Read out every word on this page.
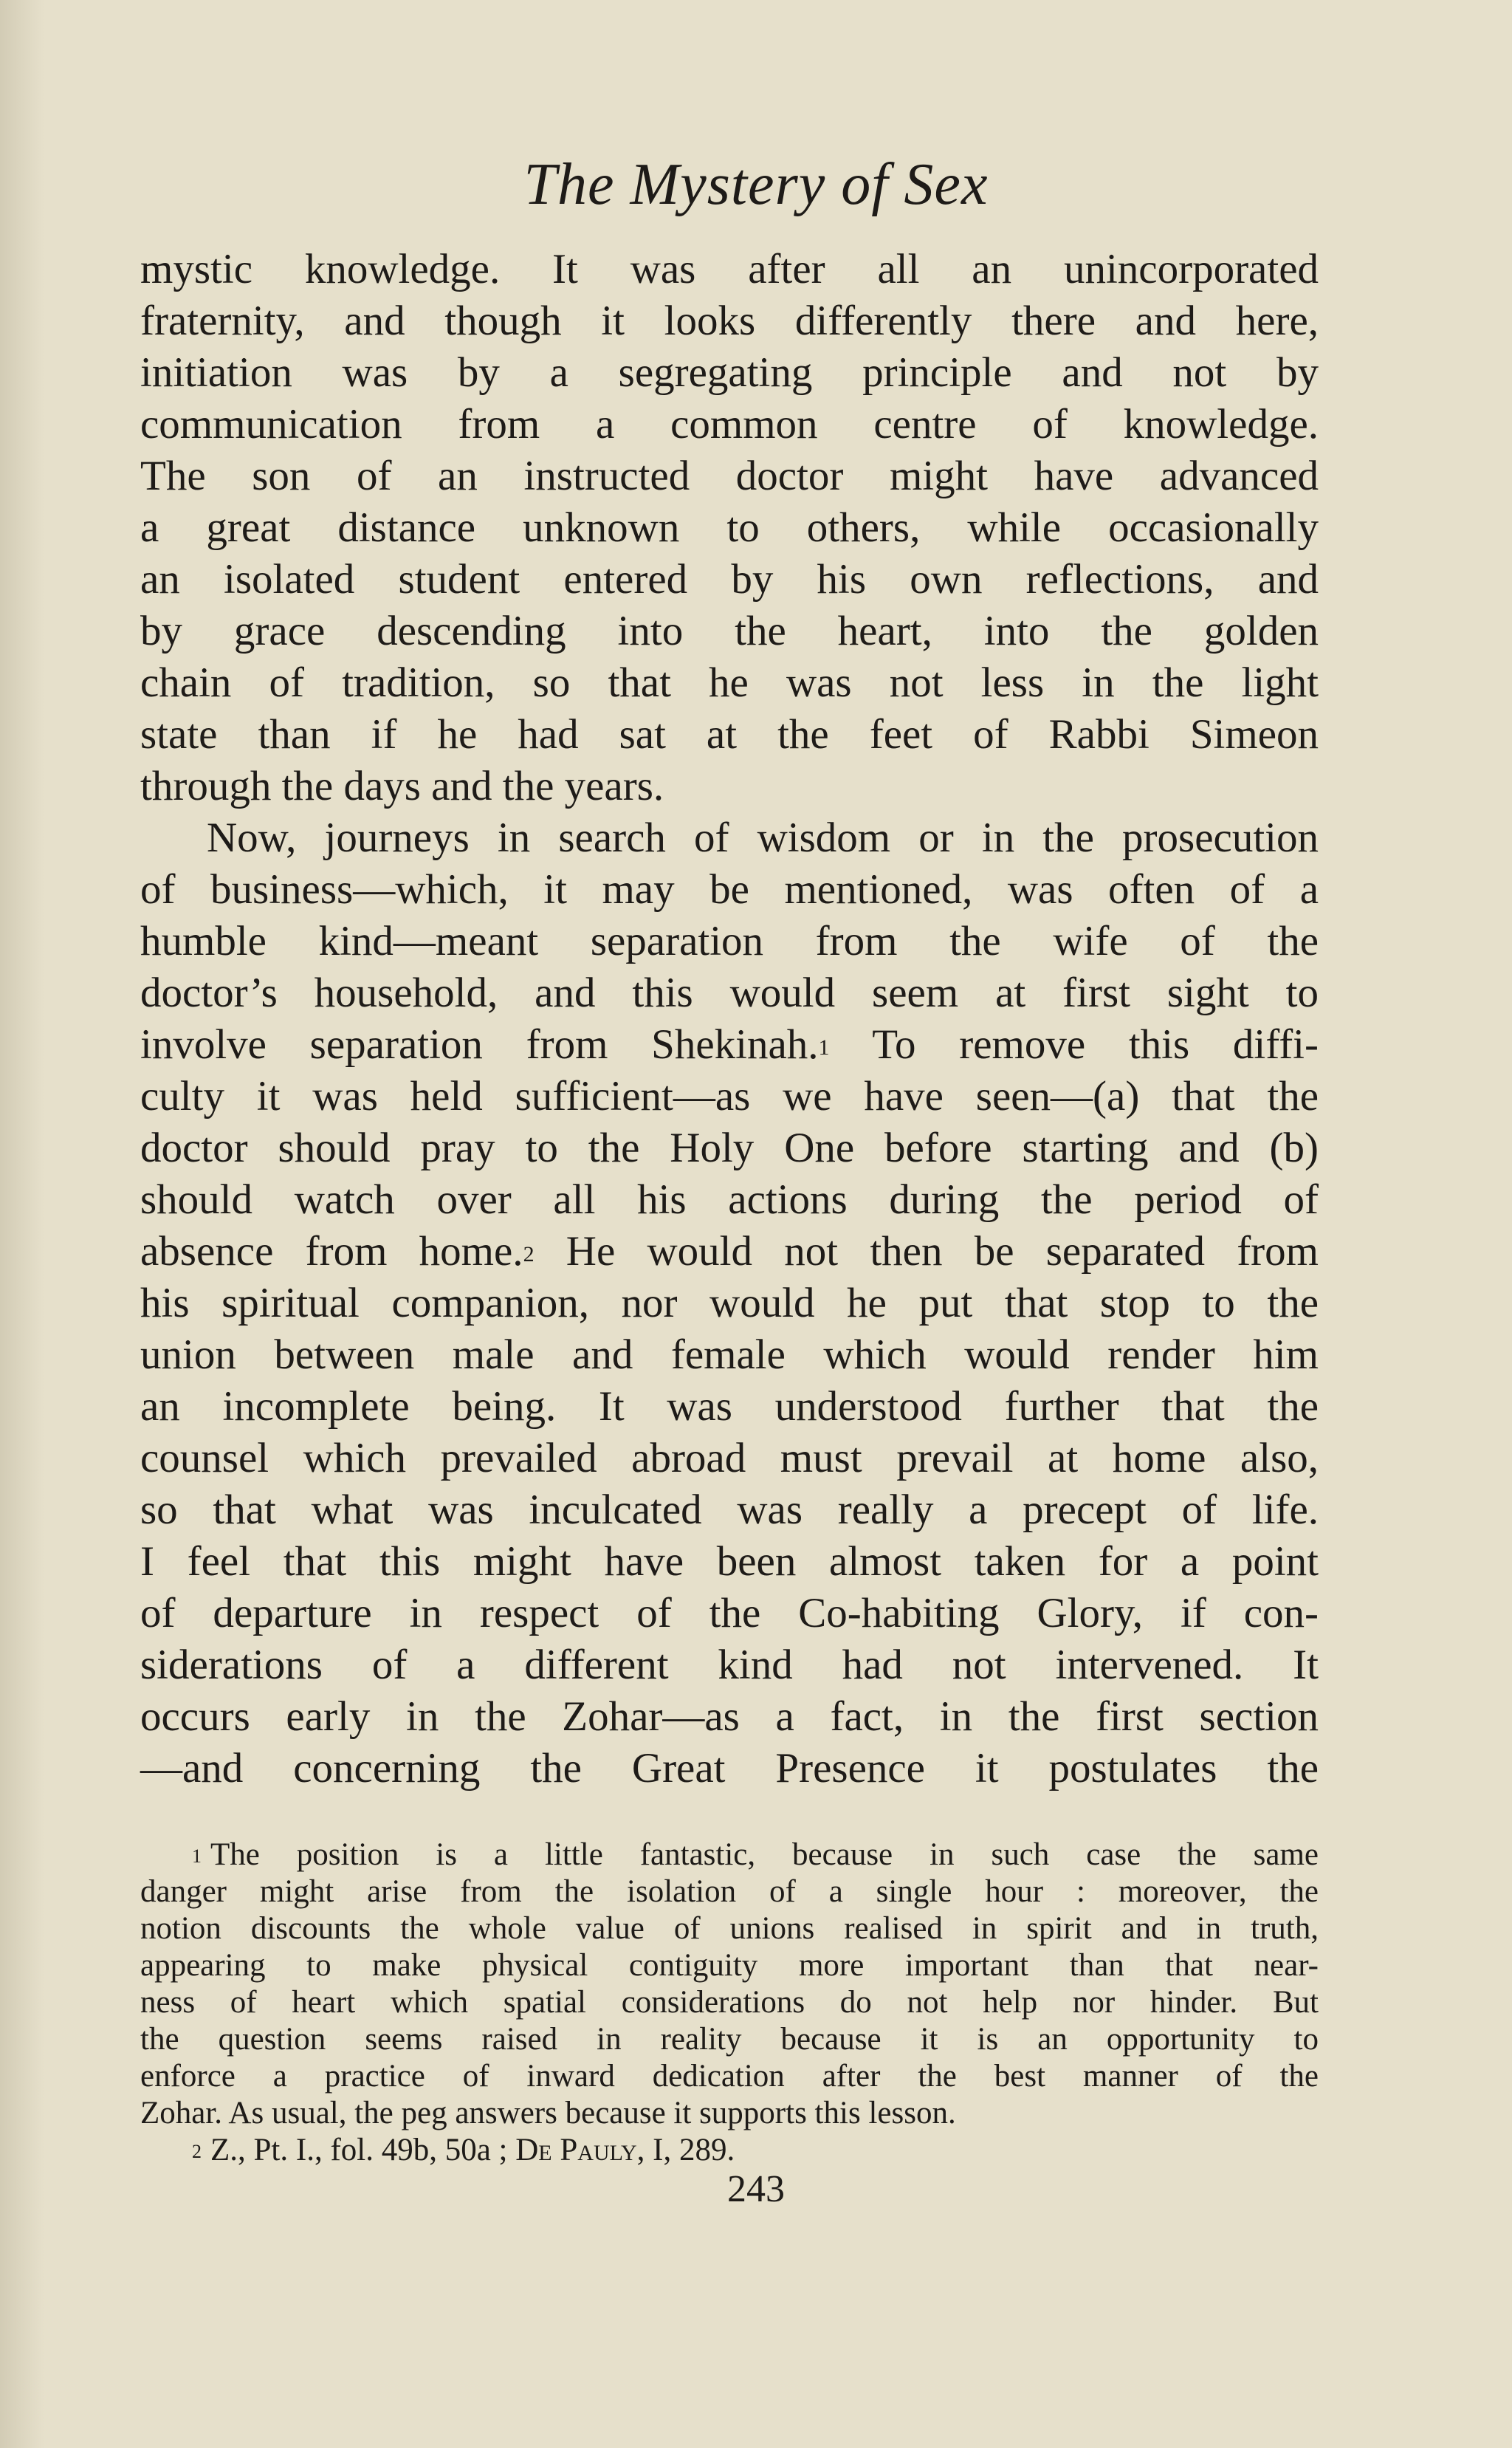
The Mystery of Sex
mystic knowledge. It was after all an unincorporated
fraternity, and though it looks differently there and here,
initiation was by a segregating principle and not by
communication from a common centre of knowledge.
The son of an instructed doctor might have advanced
a great distance unknown to others, while occasionally
an isolated student entered by his own reflections, and
by grace descending into the heart, into the golden
chain of tradition, so that he was not less in the light
state than if he had sat at the feet of Rabbi Simeon
through the days and the years.
Now, journeys in search of wisdom or in the prosecution
of business—which, it may be mentioned, was often of a
humble kind—meant separation from the wife of the
doctor’s household, and this would seem at first sight to
involve separation from Shekinah.$^1$ To remove this diffi-
culty it was held sufficient—as we have seen—(a) that the
doctor should pray to the Holy One before starting and (b)
should watch over all his actions during the period of
absence from home.$^2$ He would not then be separated from
his spiritual companion, nor would he put that stop to the
union between male and female which would render him
an incomplete being. It was understood further that the
counsel which prevailed abroad must prevail at home also,
so that what was inculcated was really a precept of life.
I feel that this might have been almost taken for a point
of departure in respect of the Co-habiting Glory, if con-
siderations of a different kind had not intervened. It
occurs early in the Zohar—as a fact, in the first section
—and concerning the Great Presence it postulates the
$^1$ The position is a little fantastic, because in such case the same
danger might arise from the isolation of a single hour : moreover, the
notion discounts the whole value of unions realised in spirit and in truth,
appearing to make physical contiguity more important than that near-
ness of heart which spatial considerations do not help nor hinder. But
the question seems raised in reality because it is an opportunity to
enforce a practice of inward dedication after the best manner of the
Zohar. As usual, the peg answers because it supports this lesson.
$^2$ Z., Pt. I., fol. 49b, 50a ; De Pauly, I, 289.
243
